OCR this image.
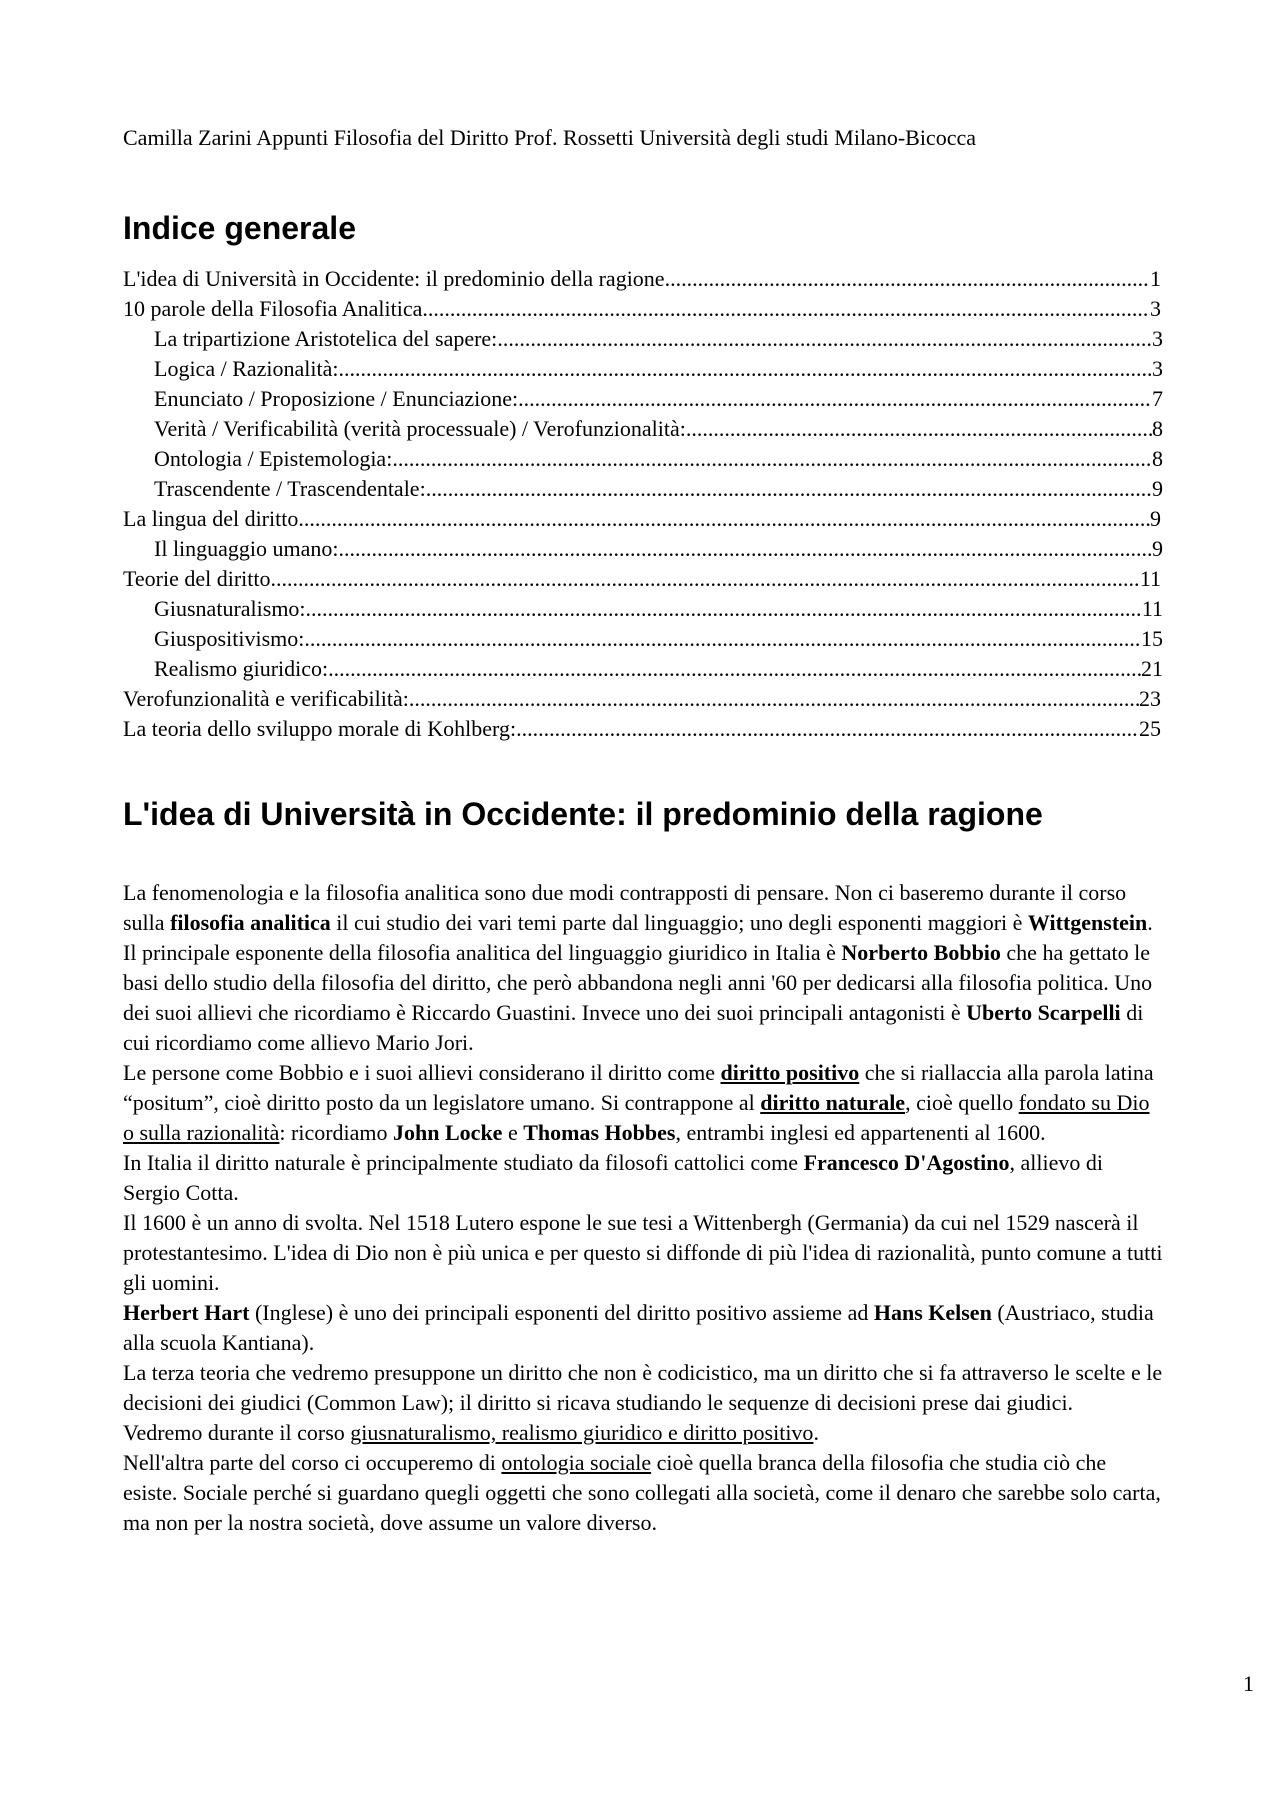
Camilla Zarini Appunti Filosofia del Diritto Prof. Rossetti Università degli studi Milano-Bicocca
Indice generale
L'idea di Università in Occidente: il predominio della ragione .....	1
10 parole della Filosofia Analitica .....	3
La tripartizione Aristotelica del sapere: .....	3
Logica / Razionalità: .....	3
Enunciato / Proposizione / Enunciazione: .....	7
Verità / Verificabilità (verità processuale) / Verofunzionalità: .....	8
Ontologia / Epistemologia: .....	8
Trascendente / Trascendentale: .....	9
La lingua del diritto .....	9
Il linguaggio umano: .....	9
Teorie del diritto .....	11
Giusnaturalismo: .....	11
Giuspositivismo: .....	15
Realismo giuridico: .....	21
Verofunzionalità e verificabilità: .....	23
La teoria dello sviluppo morale di Kohlberg: .....	25
L'idea di Università in Occidente: il predominio della ragione

La fenomenologia e la filosofia analitica sono due modi contrapposti di pensare. Non ci baseremo durante il corso sulla filosofia analitica il cui studio dei vari temi parte dal linguaggio; uno degli esponenti maggiori è Wittgenstein.

Il principale esponente della filosofia analitica del linguaggio giuridico in Italia è Norberto Bobbio che ha gettato le basi dello studio della filosofia del diritto, che però abbandona negli anni '60 per dedicarsi alla filosofia politica. Uno dei suoi allievi che ricordiamo è Riccardo Guastini. Invece uno dei suoi principali antagonisti è Uberto Scarpelli di cui ricordiamo come allievo Mario Jori.

Le persone come Bobbio e i suoi allievi considerano il diritto come diritto positivo che si riallaccia alla parola latina “positum”, cioè diritto posto da un legislatore umano. Si contrappone al diritto naturale, cioè quello fondato su Dio o sulla razionalità: ricordiamo John Locke e Thomas Hobbes, entrambi inglesi ed appartenenti al 1600.

In Italia il diritto naturale è principalmente studiato da filosofi cattolici come Francesco D'Agostino, allievo di Sergio Cotta.

Il 1600 è un anno di svolta. Nel 1518 Lutero espone le sue tesi a Wittenbergh (Germania) da cui nel 1529 nascerà il protestantesimo. L'idea di Dio non è più unica e per questo si diffonde di più l'idea di razionalità, punto comune a tutti gli uomini.

Herbert Hart (Inglese) è uno dei principali esponenti del diritto positivo assieme ad Hans Kelsen (Austriaco, studia alla scuola Kantiana).

La terza teoria che vedremo presuppone un diritto che non è codicistico, ma un diritto che si fa attraverso le scelte e le decisioni dei giudici (Common Law); il diritto si ricava studiando le sequenze di decisioni prese dai giudici.

Vedremo durante il corso giusnaturalismo, realismo giuridico e diritto positivo.

Nell'altra parte del corso ci occuperemo di ontologia sociale cioè quella branca della filosofia che studia ciò che esiste. Sociale perché si guardano quegli oggetti che sono collegati alla società, come il denaro che sarebbe solo carta, ma non per la nostra società, dove assume un valore diverso.

1
